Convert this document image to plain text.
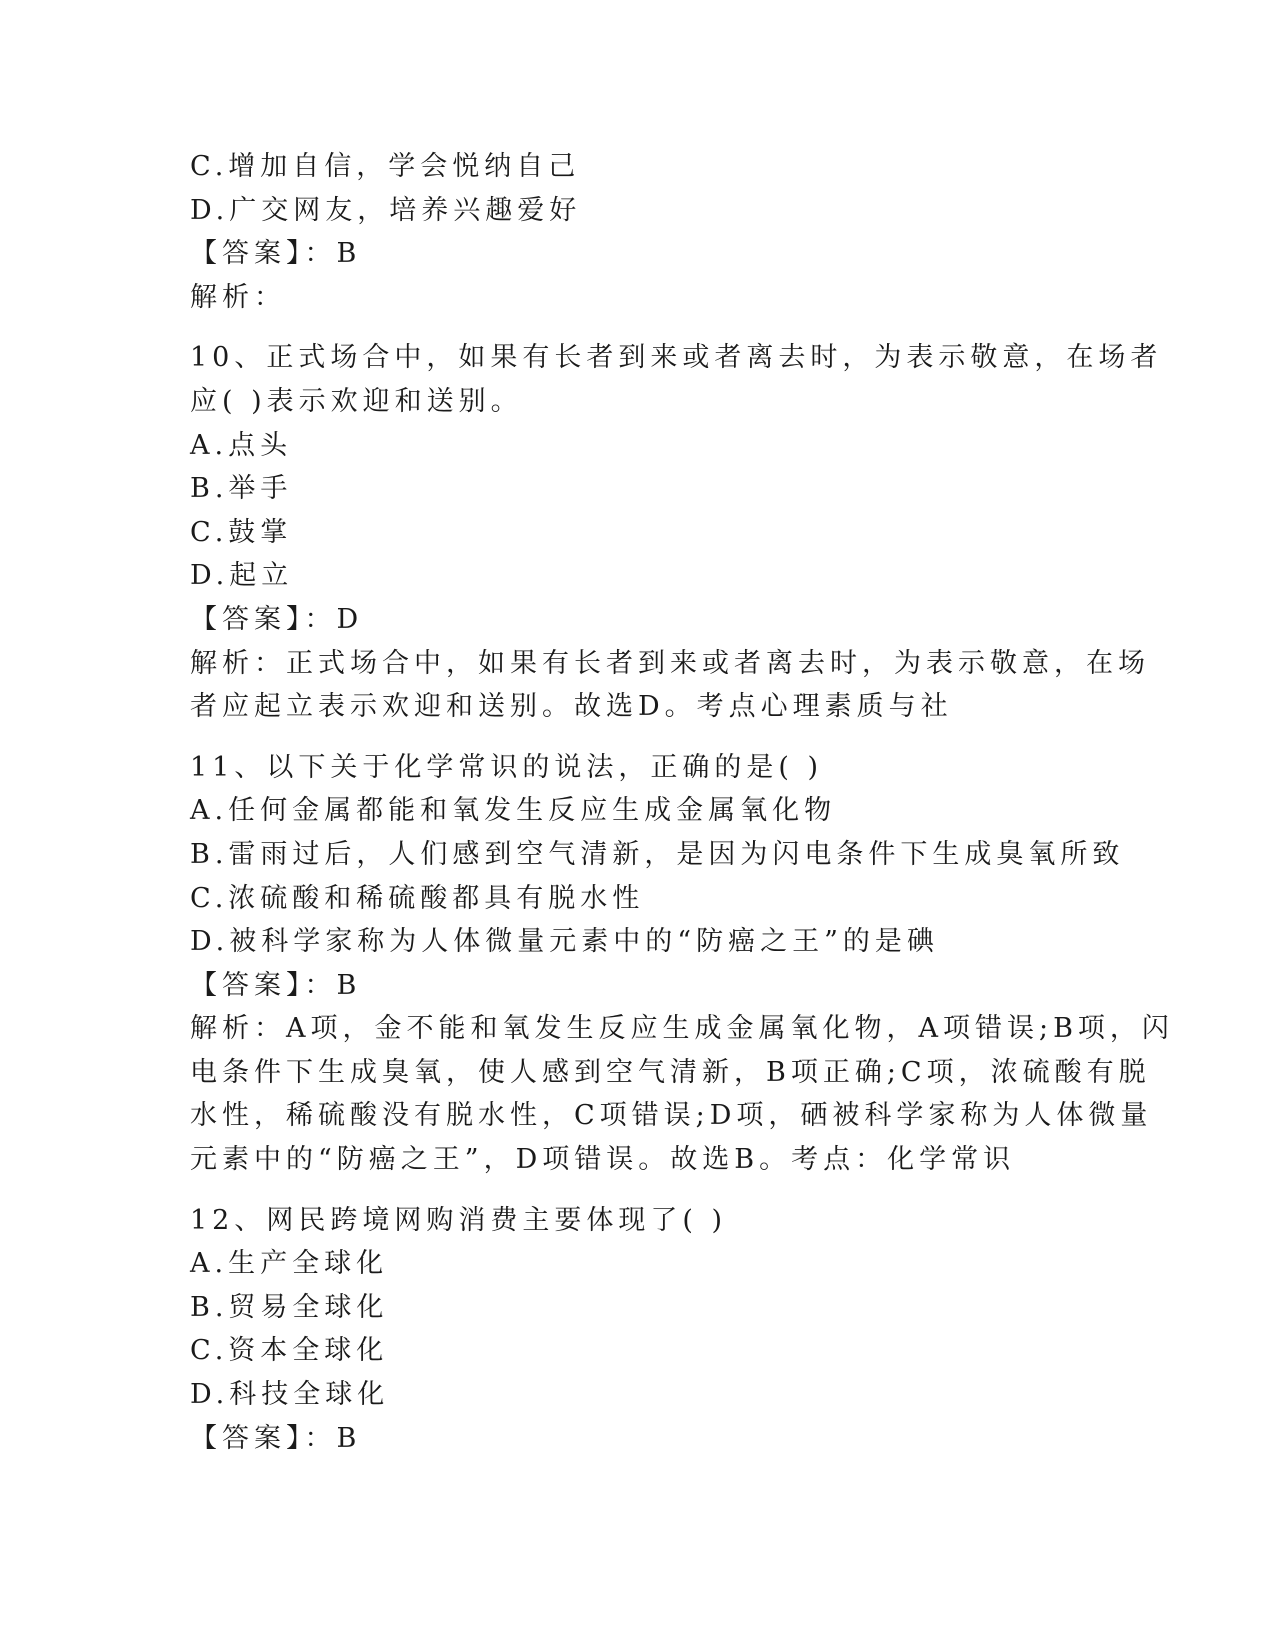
C.增加自信，学会悦纳自己
D.广交网友，培养兴趣爱好
【答案】：B
解析：
10、正式场合中，如果有长者到来或者离去时，为表示敬意，在场者
应( )表示欢迎和送别。
A.点头
B.举手
C.鼓掌
D.起立
【答案】：D
解析：正式场合中，如果有长者到来或者离去时，为表示敬意，在场
者应起立表示欢迎和送别。故选D。考点心理素质与社
11、以下关于化学常识的说法，正确的是( )
A.任何金属都能和氧发生反应生成金属氧化物
B.雷雨过后，人们感到空气清新，是因为闪电条件下生成臭氧所致
C.浓硫酸和稀硫酸都具有脱水性
D.被科学家称为人体微量元素中的“防癌之王”的是碘
【答案】：B
解析：A项，金不能和氧发生反应生成金属氧化物，A项错误;B项，闪
电条件下生成臭氧，使人感到空气清新，B项正确;C项，浓硫酸有脱
水性，稀硫酸没有脱水性，C项错误;D项，硒被科学家称为人体微量
元素中的“防癌之王”，D项错误。故选B。考点：化学常识
12、网民跨境网购消费主要体现了( )
A.生产全球化
B.贸易全球化
C.资本全球化
D.科技全球化
【答案】：B
